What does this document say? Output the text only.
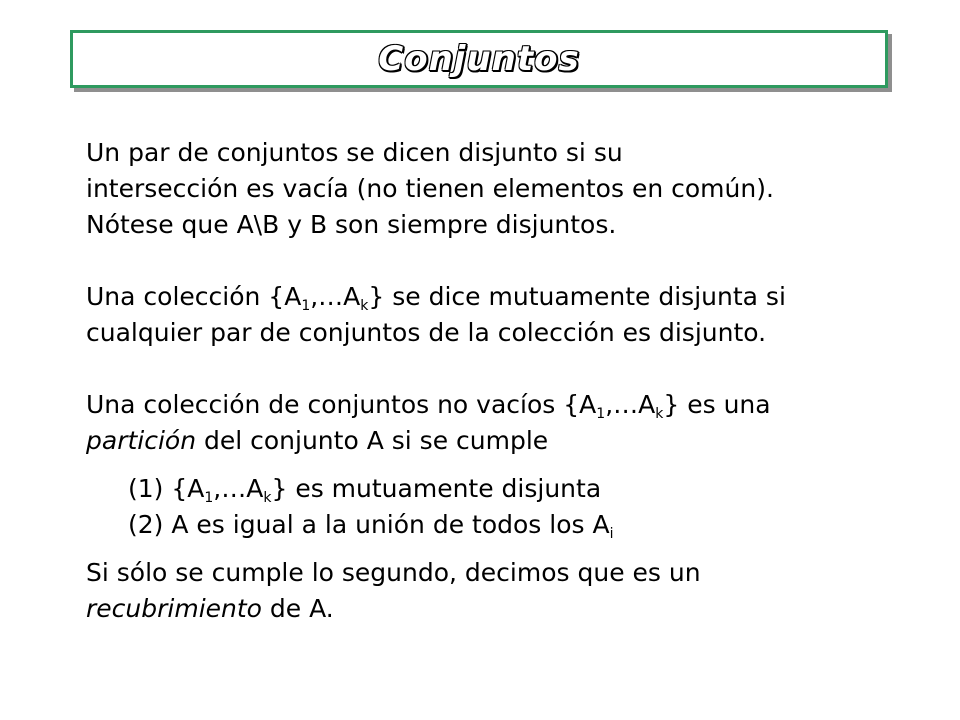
Conjuntos

Un par de conjuntos se dicen disjunto si su
intersección es vacía (no tienen elementos en común).
Nótese que A\B y B son siempre disjuntos.

Una colección $\{A_1,\dots A_k\}$ se dice mutuamente disjunta si
cualquier par de conjuntos de la colección es disjunto.

Una colección de conjuntos no vacíos $\{A_1,\dots A_k\}$ es una
partición del conjunto A si se cumple

(1) $\{A_1,\dots A_k\}$ es mutuamente disjunta

(2) A es igual a la unión de todos los $A_i$

Si sólo se cumple lo segundo, decimos que es un
recubrimiento de A.
